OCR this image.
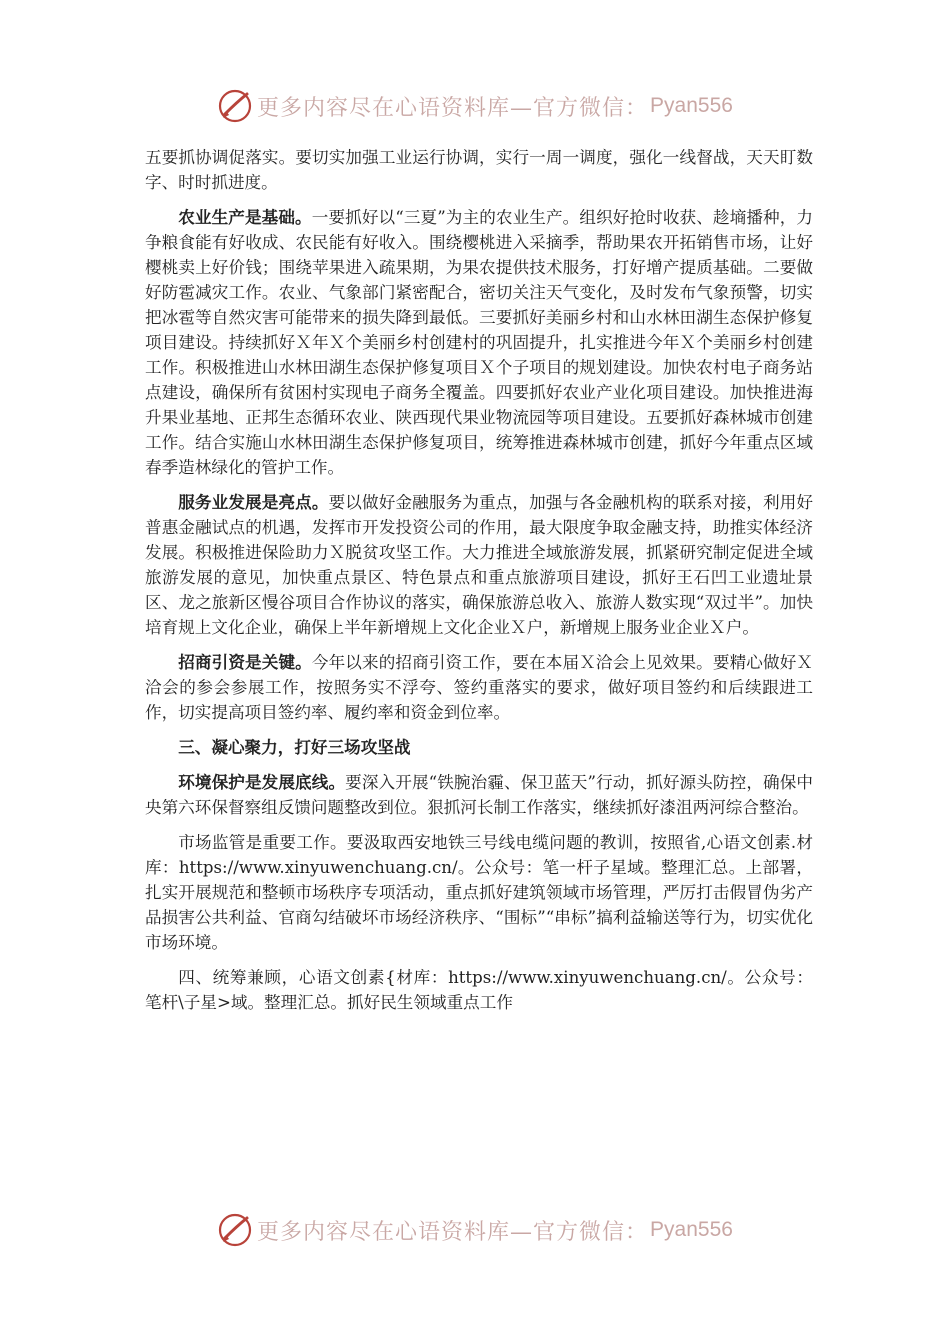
更多内容尽在心语资料库—官方微信： Pyan556

五要抓协调促落实。要切实加强工业运行协调，实行一周一调度，强化一线督战，天天盯数字、时时抓进度。

农业生产是基础。一要抓好以“三夏”为主的农业生产。组织好抢时收获、趁墒播种，力争粮食能有好收成、农民能有好收入。围绕樱桃进入采摘季，帮助果农开拓销售市场，让好樱桃卖上好价钱；围绕苹果进入疏果期，为果农提供技术服务，打好增产提质基础。二要做好防雹减灾工作。农业、气象部门紧密配合，密切关注天气变化，及时发布气象预警，切实把冰雹等自然灾害可能带来的损失降到最低。三要抓好美丽乡村和山水林田湖生态保护修复项目建设。持续抓好Ｘ年Ｘ个美丽乡村创建村的巩固提升，扎实推进今年Ｘ个美丽乡村创建工作。积极推进山水林田湖生态保护修复项目Ｘ个子项目的规划建设。加快农村电子商务站点建设，确保所有贫困村实现电子商务全覆盖。四要抓好农业产业化项目建设。加快推进海升果业基地、正邦生态循环农业、陕西现代果业物流园等项目建设。五要抓好森林城市创建工作。结合实施山水林田湖生态保护修复项目，统筹推进森林城市创建，抓好今年重点区域春季造林绿化的管护工作。

服务业发展是亮点。要以做好金融服务为重点，加强与各金融机构的联系对接，利用好普惠金融试点的机遇，发挥市开发投资公司的作用，最大限度争取金融支持，助推实体经济发展。积极推进保险助力Ｘ脱贫攻坚工作。大力推进全域旅游发展，抓紧研究制定促进全域旅游发展的意见，加快重点景区、特色景点和重点旅游项目建设，抓好王石凹工业遗址景区、龙之旅新区慢谷项目合作协议的落实，确保旅游总收入、旅游人数实现“双过半”。加快培育规上文化企业，确保上半年新增规上文化企业Ｘ户，新增规上服务业企业Ｘ户。

招商引资是关键。今年以来的招商引资工作，要在本届Ｘ洽会上见效果。要精心做好Ｘ洽会的参会参展工作，按照务实不浮夸、签约重落实的要求，做好项目签约和后续跟进工作，切实提高项目签约率、履约率和资金到位率。

三、凝心聚力，打好三场攻坚战

环境保护是发展底线。要深入开展“铁腕治霾、保卫蓝天”行动，抓好源头防控，确保中央第六环保督察组反馈问题整改到位。狠抓河长制工作落实，继续抓好漆沮两河综合整治。

市场监管是重要工作。要汲取西安地铁三号线电缆问题的教训，按照省,心语文创素.材库：https://www.xinyuwenchuang.cn/。公众号：笔一杆子星域。整理汇总。上部署，扎实开展规范和整顿市场秩序专项活动，重点抓好建筑领域市场管理，严厉打击假冒伪劣产品损害公共利益、官商勾结破坏市场经济秩序、“围标”“串标”搞利益输送等行为，切实优化市场环境。

四、统筹兼顾，心语文创素{材库：https://www.xinyuwenchuang.cn/。公众号：笔杆\子星>域。整理汇总。抓好民生领域重点工作

更多内容尽在心语资料库—官方微信： Pyan556
